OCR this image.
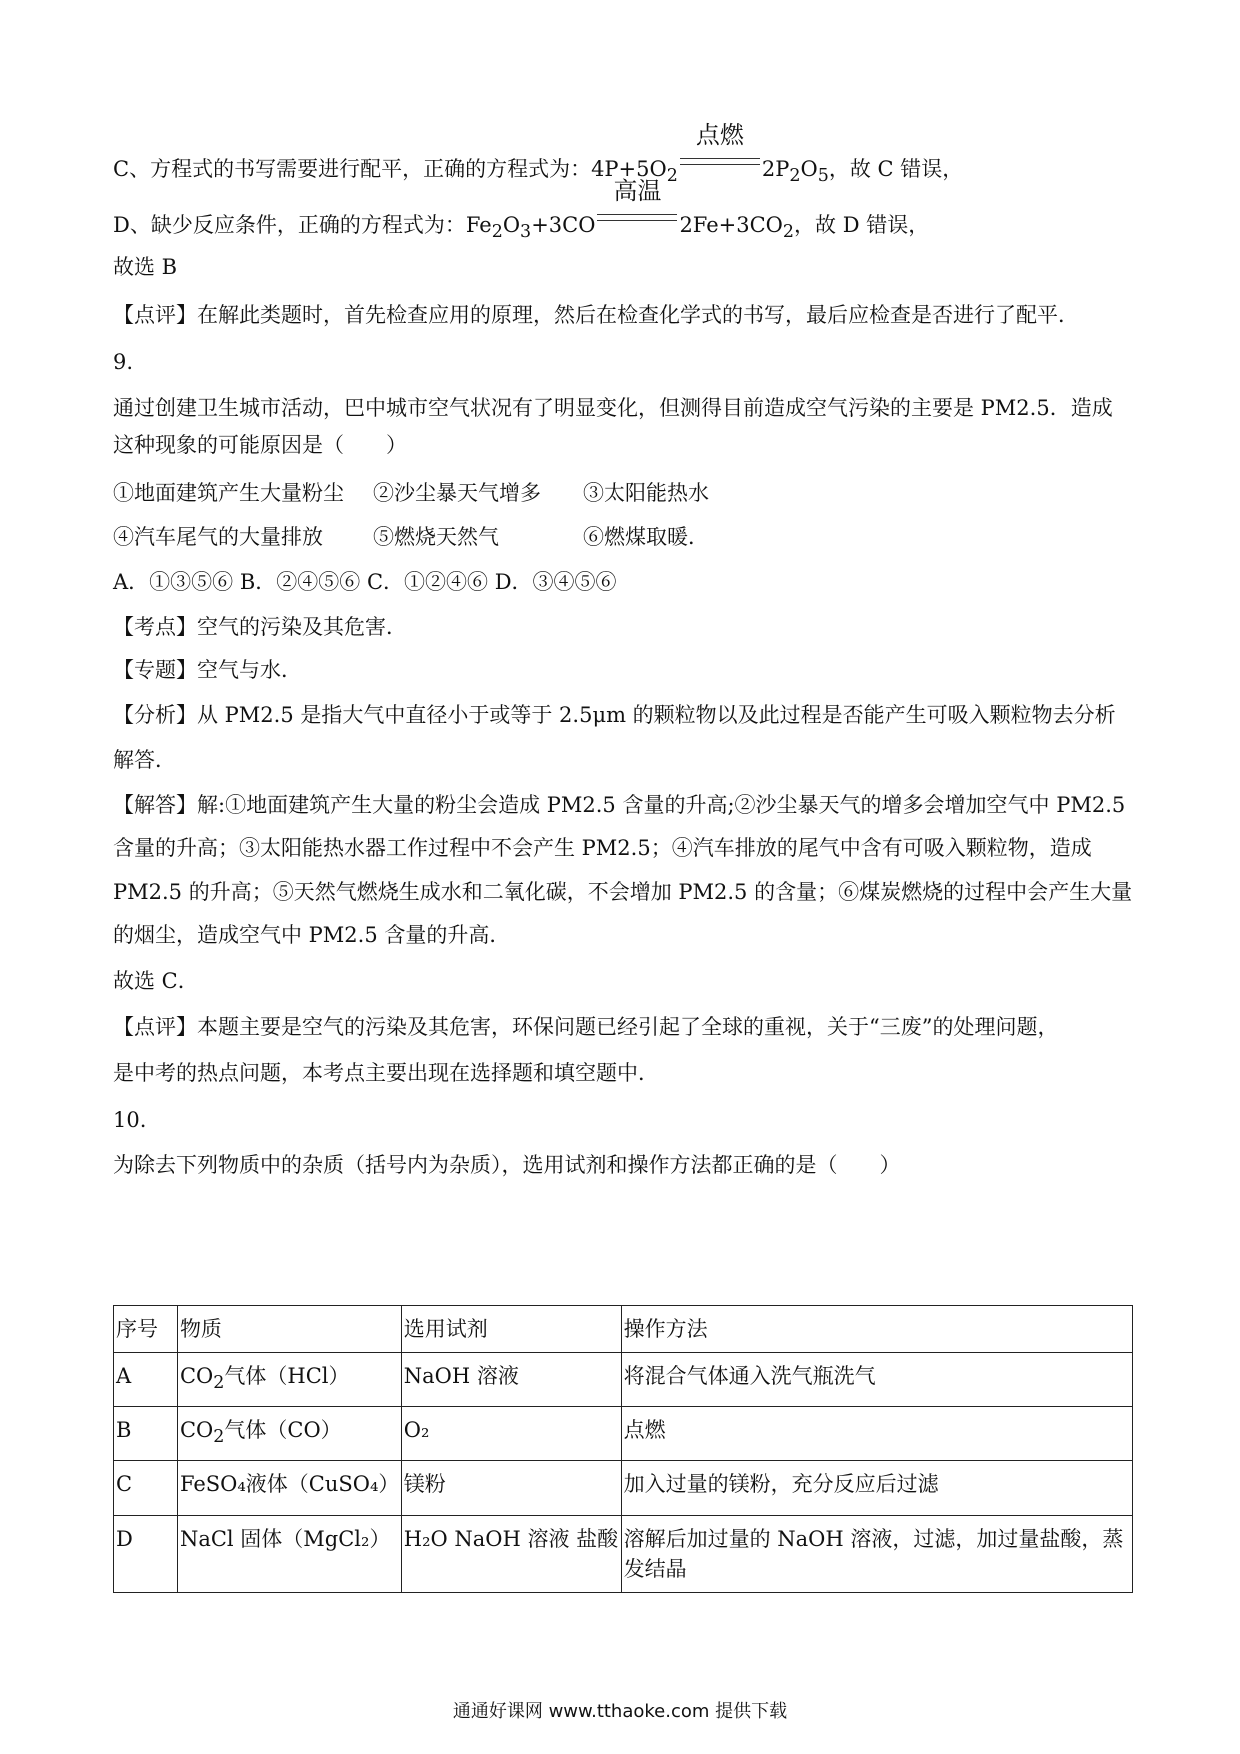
C、方程式的书写需要进行配平，正确的方程式为：$4P+5O_2$
点燃
$2P_2O_5$，故 C 错误，
D、缺少反应条件，正确的方程式为：$Fe_2O_3+3CO$
高温
$2Fe+3CO_2$，故 D 错误，
故选 B
【点评】在解此类题时，首先检查应用的原理，然后在检查化学式的书写，最后应检查是否进行了配平．
9.
通过创建卫生城市活动，巴中城市空气状况有了明显变化，但测得目前造成空气污染的主要是 PM2.5．造成
这种现象的可能原因是（　　）
①地面建筑产生大量粉尘 ②沙尘暴天气增多 ③太阳能热水
④汽车尾气的大量排放 ⑤燃烧天然气	⑥燃煤取暖．
A．①③⑤⑥ B．②④⑤⑥ C．①②④⑥ D．③④⑤⑥
【考点】空气的污染及其危害．
【专题】空气与水．
【分析】从 PM2.5 是指大气中直径小于或等于 2.5μm 的颗粒物以及此过程是否能产生可吸入颗粒物去分析
解答．
【解答】解:①地面建筑产生大量的粉尘会造成 PM2.5 含量的升高;②沙尘暴天气的增多会增加空气中 PM2.5
含量的升高；③太阳能热水器工作过程中不会产生 PM2.5；④汽车排放的尾气中含有可吸入颗粒物，造成
PM2.5 的升高；⑤天然气燃烧生成水和二氧化碳，不会增加 PM2.5 的含量；⑥煤炭燃烧的过程中会产生大量
的烟尘，造成空气中 PM2.5 含量的升高．
故选 C．
【点评】本题主要是空气的污染及其危害，环保问题已经引起了全球的重视，关于“三废”的处理问题，
是中考的热点问题，本考点主要出现在选择题和填空题中．
10.
为除去下列物质中的杂质（括号内为杂质），选用试剂和操作方法都正确的是（　　）
序号	物质	选用试剂	操作方法
A	$CO_2$气体（HCl）	NaOH 溶液	将混合气体通入洗气瓶洗气
B	$CO_2$气体（CO）	O₂	点燃
C	FeSO₄液体（CuSO₄）	镁粉	加入过量的镁粉，充分反应后过滤
D	NaCl 固体（MgCl₂）	H₂O NaOH 溶液 盐酸	溶解后加过量的 NaOH 溶液，过滤，加过量盐酸，蒸发结晶
通通好课网 www.tthaoke.com 提供下载
